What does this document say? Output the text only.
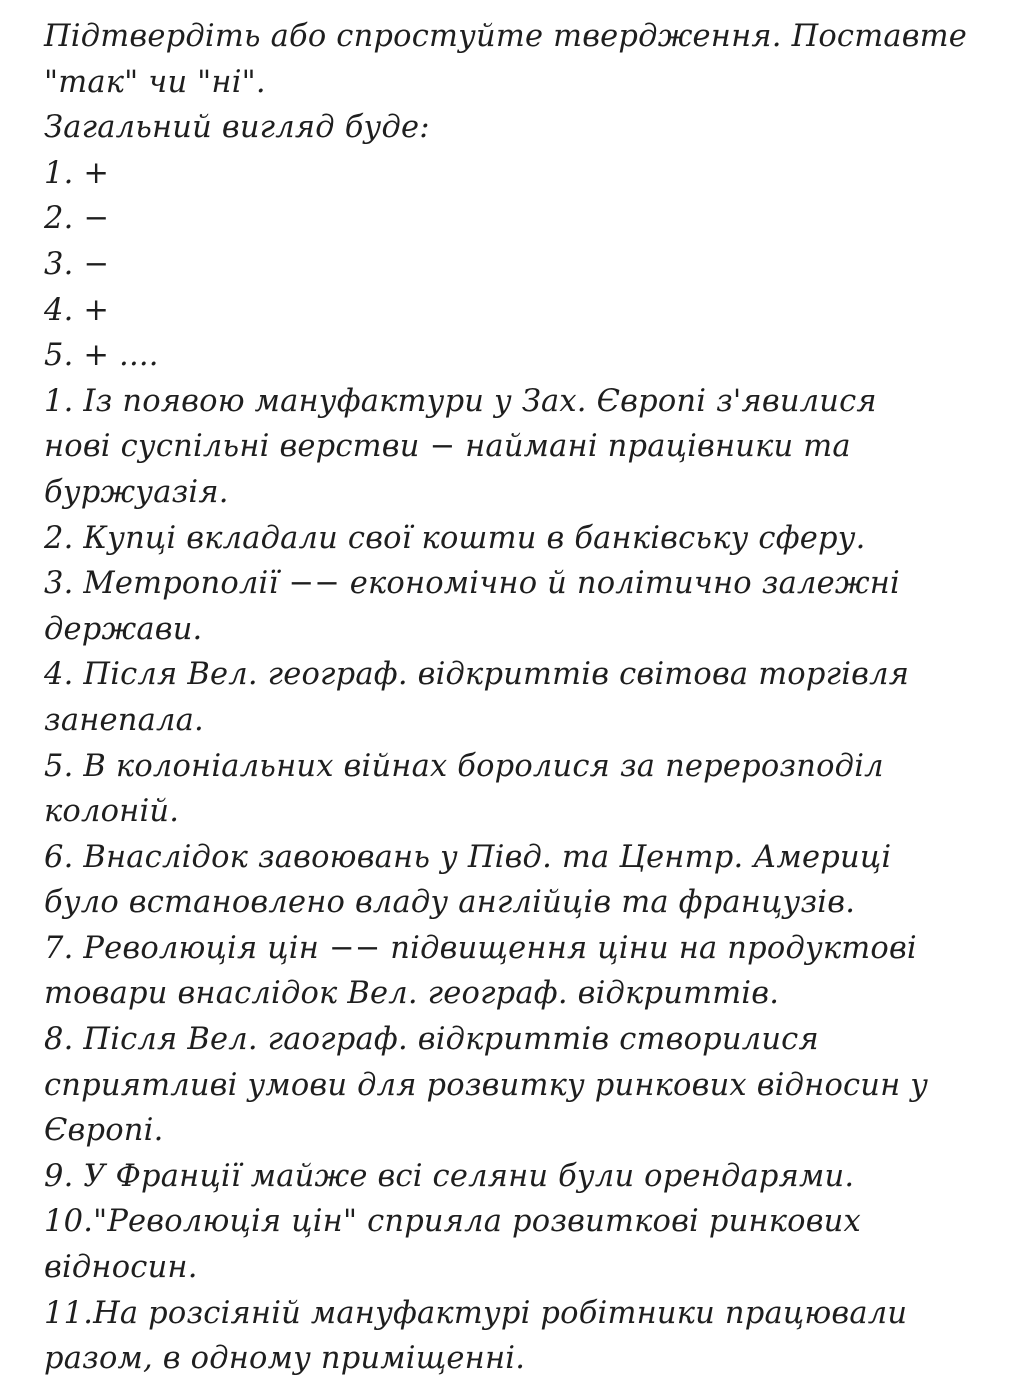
Підтвердіть або спростуйте твердження. Поставте
"так" чи "ні".
Загальний вигляд буде:
1. +
2. −
3. −
4. +
5. + ....
1. Із появою мануфактури у Зах. Європі з'явилися
нові суспільні верстви − наймані працівники та
буржуазія.
2. Купці вкладали свої кошти в банківську сферу.
3. Метрополії −− економічно й політично залежні
держави.
4. Після Вел. географ. відкриттів світова торгівля
занепала.
5. В колоніальних війнах боролися за перерозподіл
колоній.
6. Внаслідок завоювань у Півд. та Центр. Америці
було встановлено владу англійців та французів.
7. Революція цін −− підвищення ціни на продуктові
товари внаслідок Вел. географ. відкриттів.
8. Після Вел. гаограф. відкриттів створилися
сприятливі умови для розвитку ринкових відносин у
Європі.
9. У Франції майже всі селяни були орендарями.
10."Революція цін" сприяла розвиткові ринкових
відносин.
11.На розсіяній мануфактурі робітники працювали
разом, в одному приміщенні.
